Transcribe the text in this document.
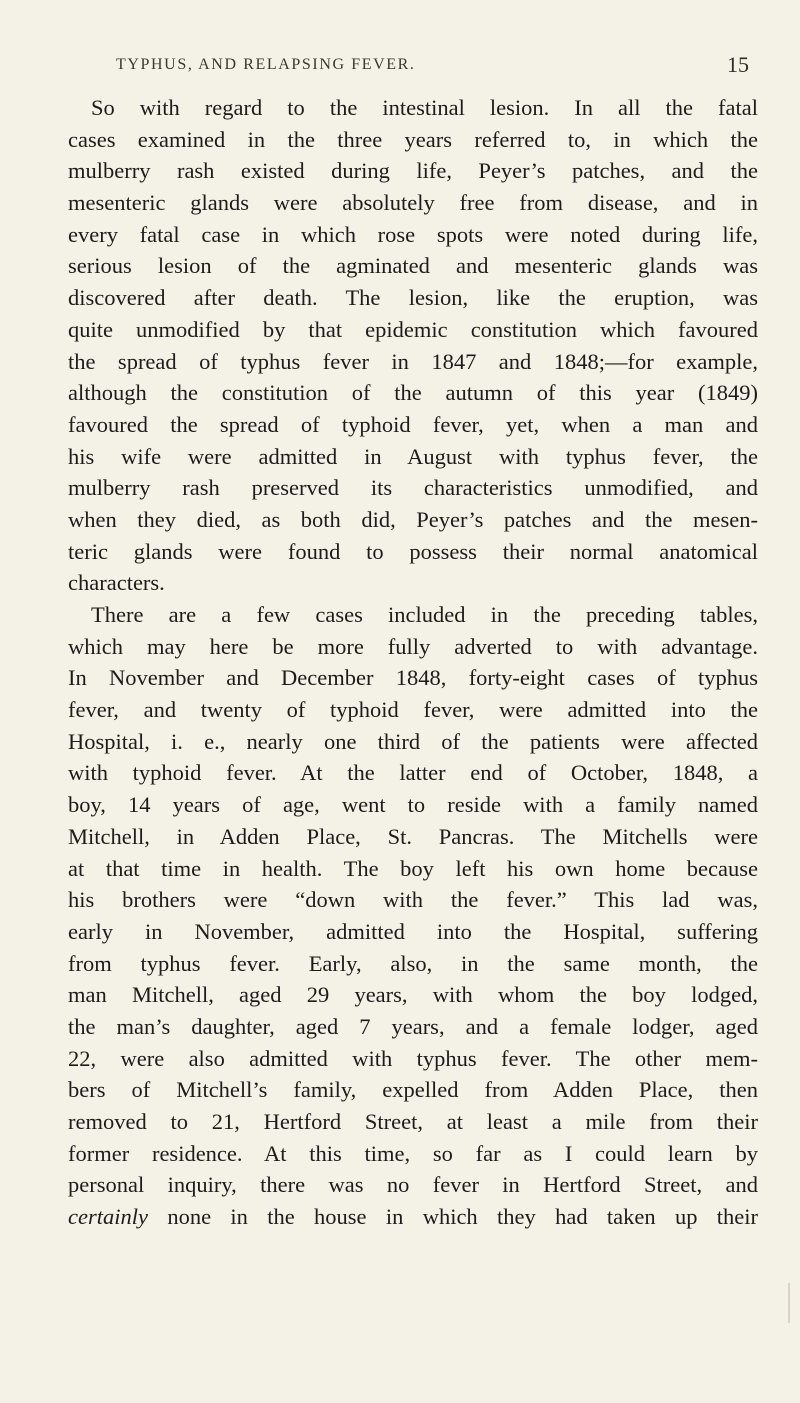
TYPHUS, AND RELAPSING FEVER.	15
So with regard to the intestinal lesion. In all the fatal
cases examined in the three years referred to, in which the
mulberry rash existed during life, Peyer’s patches, and the
mesenteric glands were absolutely free from disease, and in
every fatal case in which rose spots were noted during life,
serious lesion of the agminated and mesenteric glands was
discovered after death. The lesion, like the eruption, was
quite unmodified by that epidemic constitution which favoured
the spread of typhus fever in 1847 and 1848;—for example,
although the constitution of the autumn of this year (1849)
favoured the spread of typhoid fever, yet, when a man and
his wife were admitted in August with typhus fever, the
mulberry rash preserved its characteristics unmodified, and
when they died, as both did, Peyer’s patches and the mesen-
teric glands were found to possess their normal anatomical
characters.
There are a few cases included in the preceding tables,
which may here be more fully adverted to with advantage.
In November and December 1848, forty-eight cases of typhus
fever, and twenty of typhoid fever, were admitted into the
Hospital, i. e., nearly one third of the patients were affected
with typhoid fever. At the latter end of October, 1848, a
boy, 14 years of age, went to reside with a family named
Mitchell, in Adden Place, St. Pancras. The Mitchells were
at that time in health. The boy left his own home because
his brothers were “down with the fever.” This lad was,
early in November, admitted into the Hospital, suffering
from typhus fever. Early, also, in the same month, the
man Mitchell, aged 29 years, with whom the boy lodged,
the man’s daughter, aged 7 years, and a female lodger, aged
22, were also admitted with typhus fever. The other mem-
bers of Mitchell’s family, expelled from Adden Place, then
removed to 21, Hertford Street, at least a mile from their
former residence. At this time, so far as I could learn by
personal inquiry, there was no fever in Hertford Street, and
certainly none in the house in which they had taken up their
